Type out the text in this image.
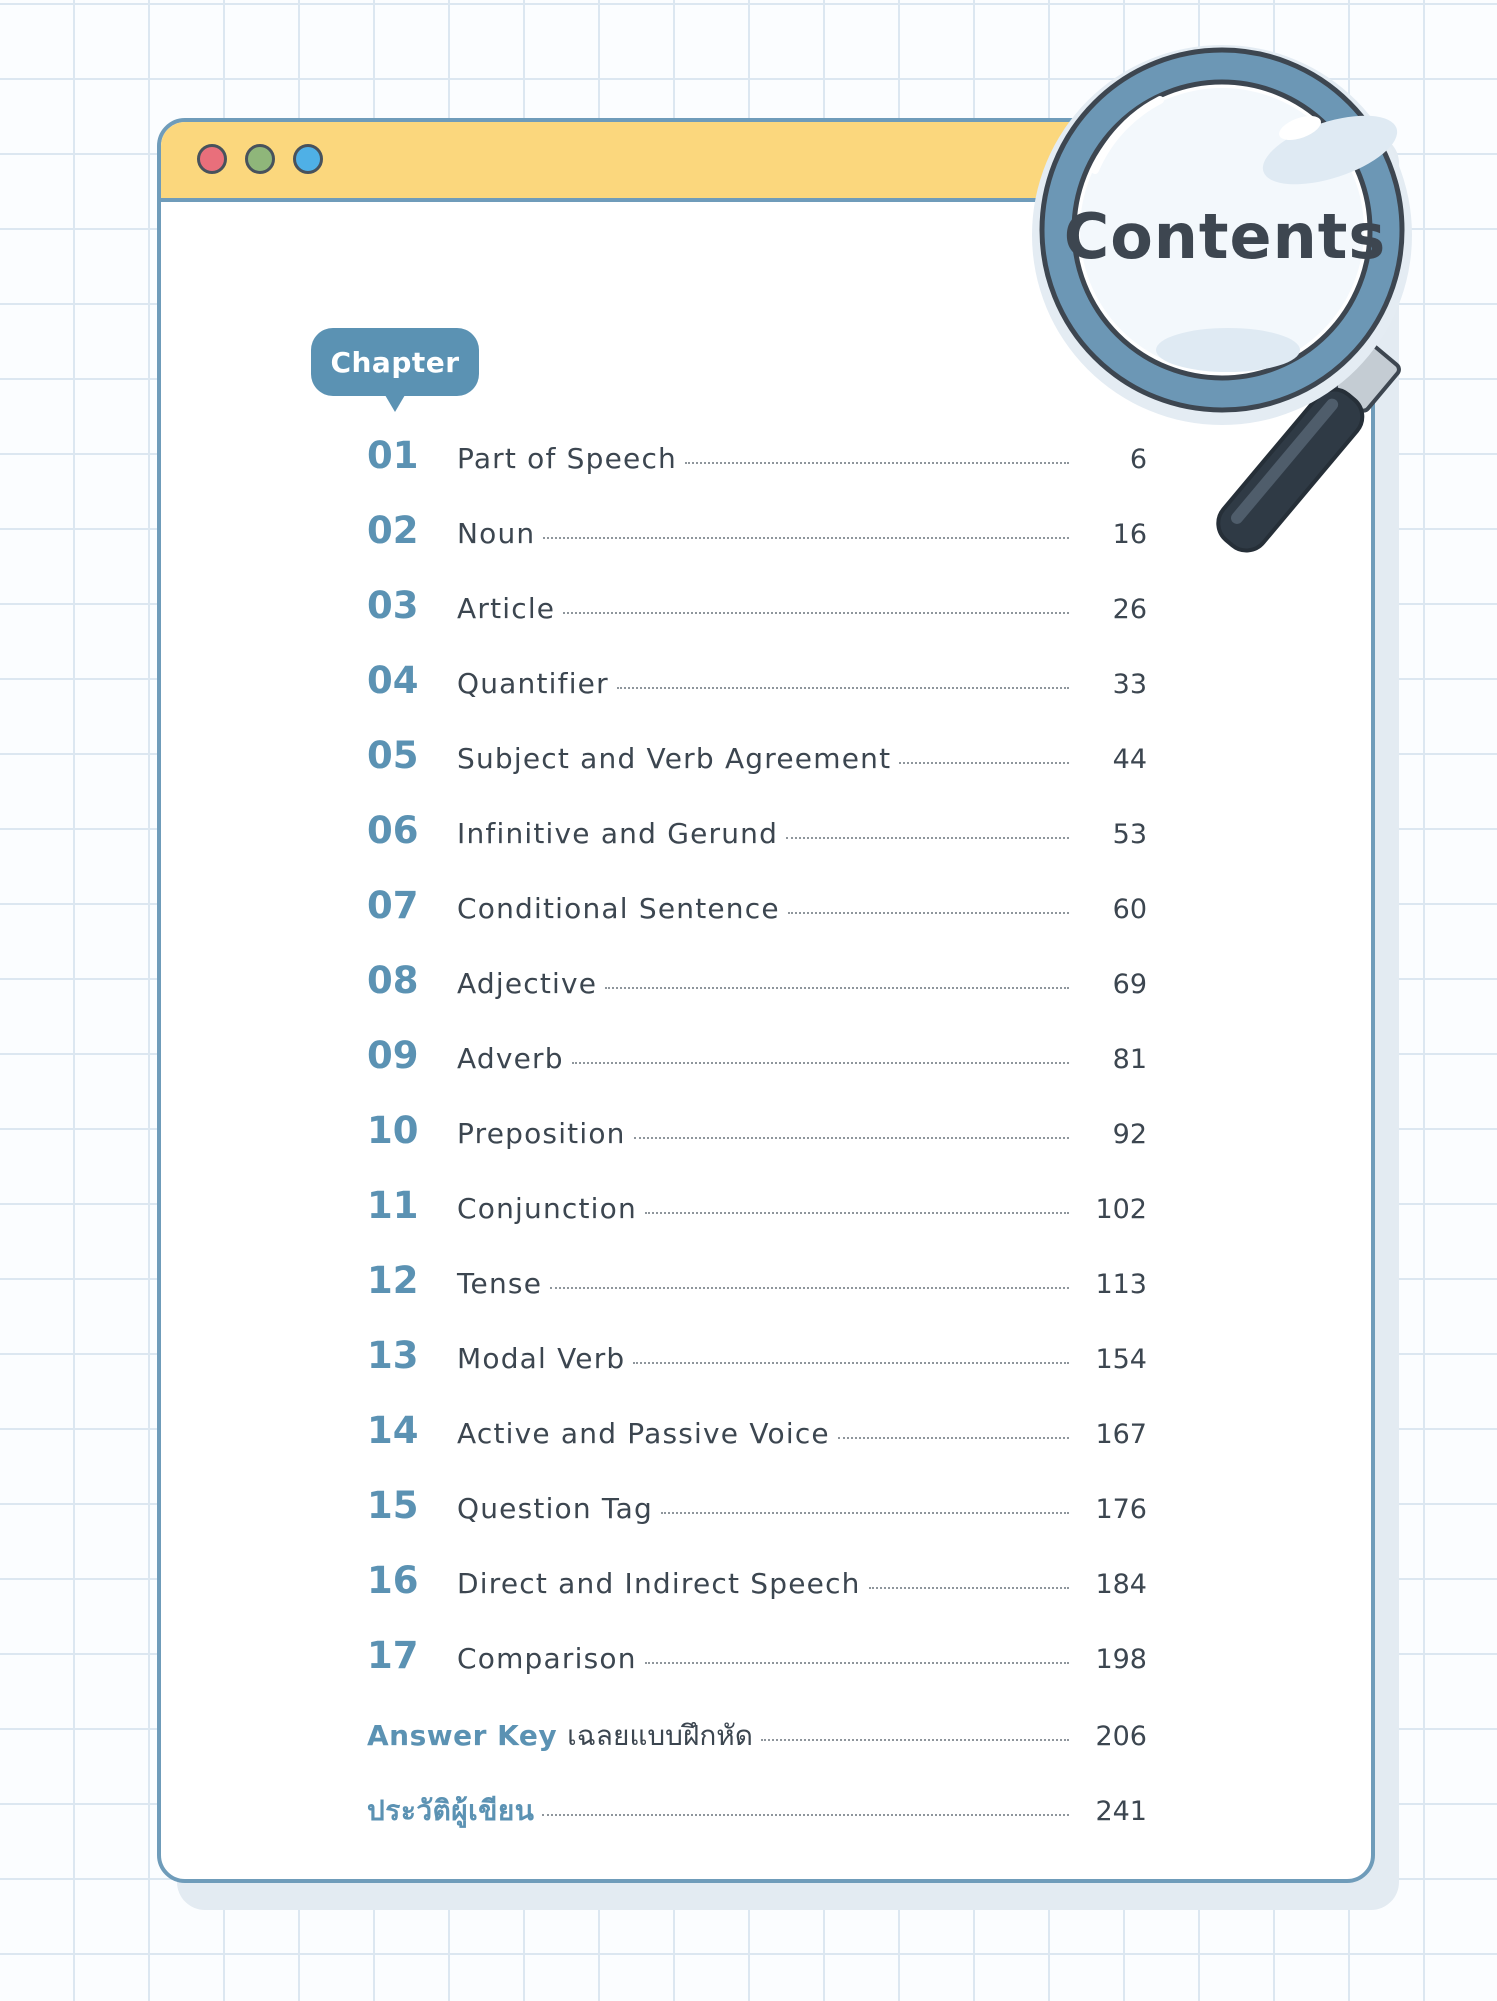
Chapter
01 Part of Speech	6
02 Noun	16
03 Article	26
04 Quantifier	33
05 Subject and Verb Agreement	44
06 Infinitive and Gerund	53
07 Conditional Sentence	60
08 Adjective	69
09 Adverb	81
10 Preposition	92
11 Conjunction	102
12 Tense	113
13 Modal Verb	154
14 Active and Passive Voice	167
15 Question Tag	176
16 Direct and Indirect Speech	184
17 Comparison	198
Answer Key เฉลยแบบฝึกหัด	206
ประวัติผู้เขียน	241
Contents
